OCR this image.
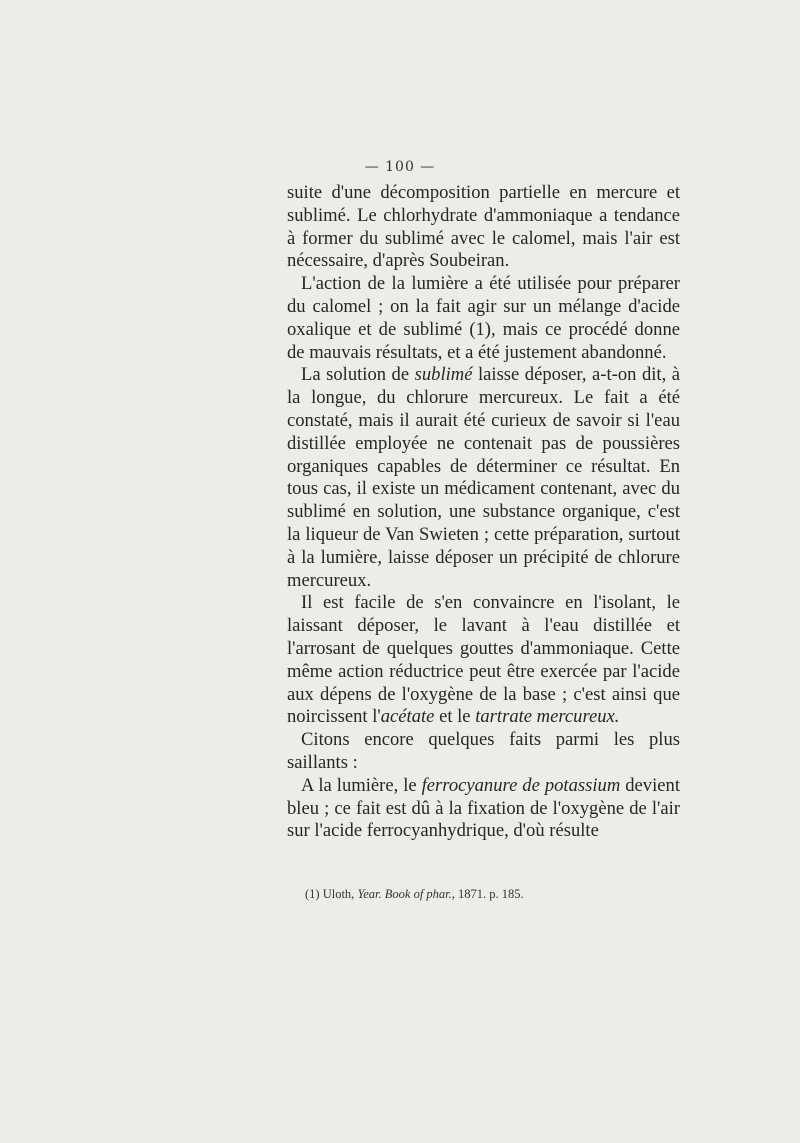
— 100 —

suite d'une décomposition partielle en mercure et sublimé. Le chlorhydrate d'ammoniaque a tendance à former du sublimé avec le calomel, mais l'air est nécessaire, d'après Soubeiran.

L'action de la lumière a été utilisée pour préparer du calomel ; on la fait agir sur un mélange d'acide oxalique et de sublimé (1), mais ce procédé donne de mauvais résultats, et a été justement abandonné.

La solution de sublimé laisse déposer, a-t-on dit, à la longue, du chlorure mercureux. Le fait a été constaté, mais il aurait été curieux de savoir si l'eau distillée employée ne contenait pas de poussières organiques capables de déterminer ce résultat. En tous cas, il existe un médicament contenant, avec du sublimé en solution, une substance organique, c'est la liqueur de Van Swieten ; cette préparation, surtout à la lumière, laisse déposer un précipité de chlorure mercureux.

Il est facile de s'en convaincre en l'isolant, le laissant déposer, le lavant à l'eau distillée et l'arrosant de quelques gouttes d'ammoniaque. Cette même action réductrice peut être exercée par l'acide aux dépens de l'oxygène de la base ; c'est ainsi que noircissent l'acétate et le tartrate mercureux.

Citons encore quelques faits parmi les plus saillants :

A la lumière, le ferrocyanure de potassium devient bleu ; ce fait est dû à la fixation de l'oxygène de l'air sur l'acide ferrocyanhydrique, d'où résulte

(1) Uloth, Year. Book of phar., 1871. p. 185.
